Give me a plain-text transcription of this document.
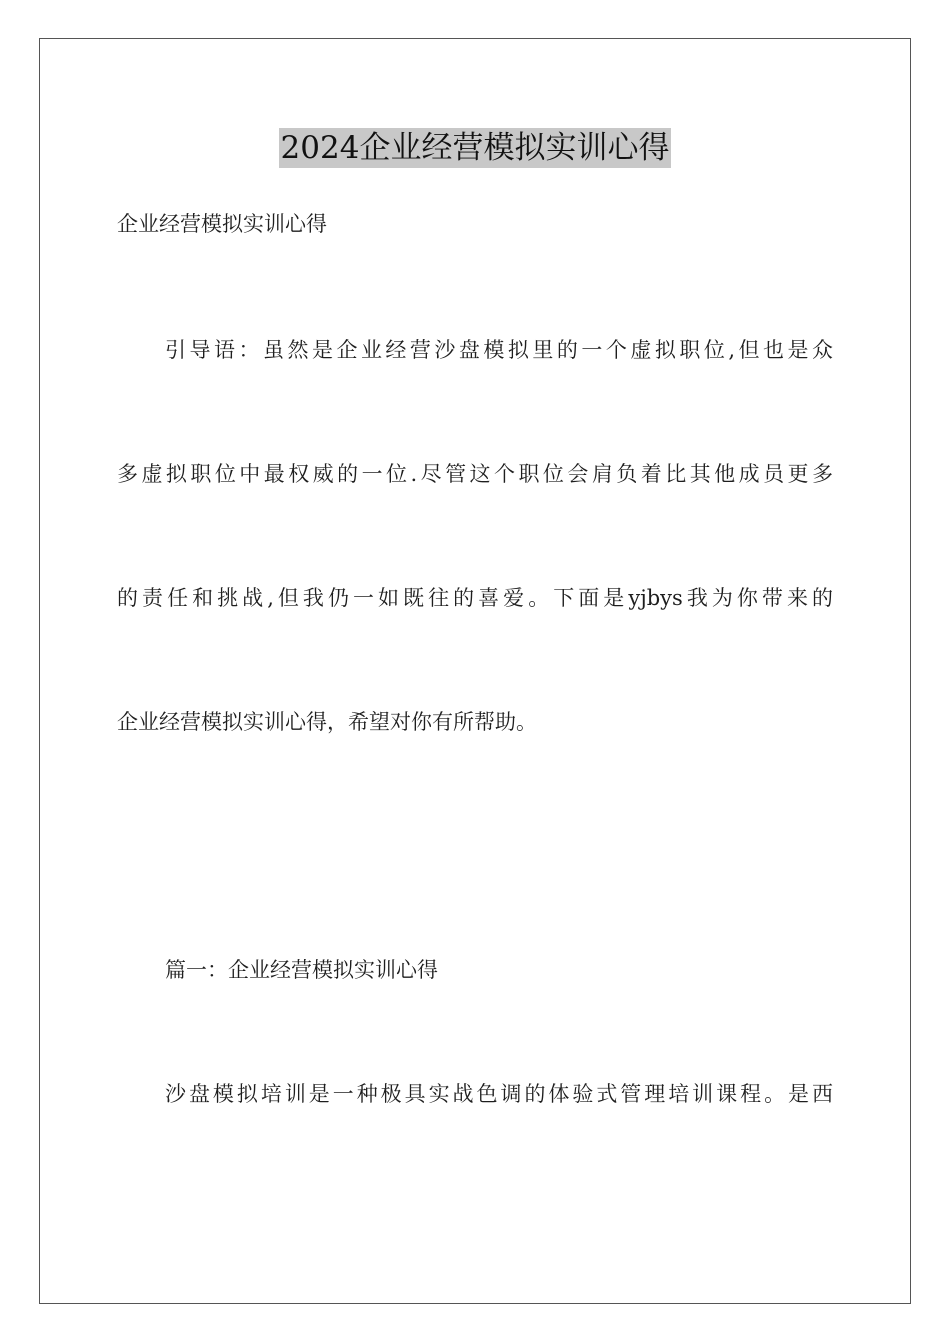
2024企业经营模拟实训心得
企业经营模拟实训心得
引导语：虽然是企业经营沙盘模拟里的一个虚拟职位,但也是众
多虚拟职位中最权威的一位.尽管这个职位会肩负着比其他成员更多
的责任和挑战,但我仍一如既往的喜爱。下面是yjbys我为你带来的
企业经营模拟实训心得，希望对你有所帮助。
篇一：企业经营模拟实训心得
沙盘模拟培训是一种极具实战色调的体验式管理培训课程。是西
